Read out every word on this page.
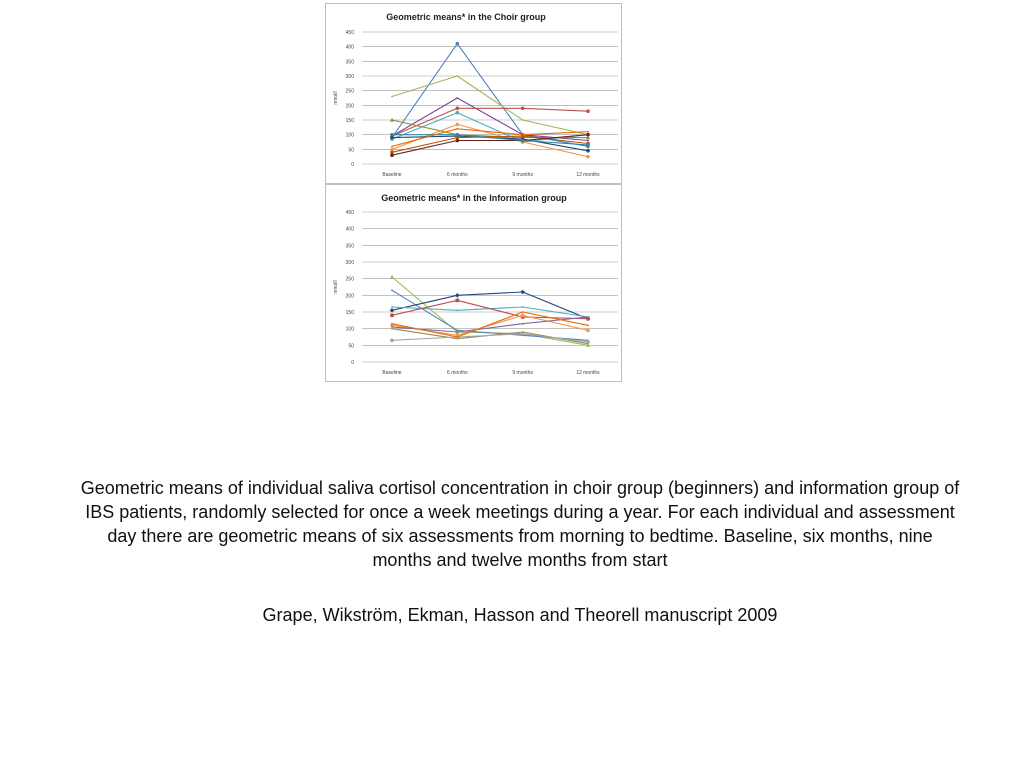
Geometric means* in the Choir group
0
50
100
150
200
250
300
350
400
450
nmol/l
Baseline	6 months	9 months	12 months
Geometric means* in the Information group
0
50
100
150
200
250
300
350
400
450
nmol/l
Baseline	6 months	9 months	12 months

Geometric means of individual saliva cortisol concentration in choir group (beginners) and information group of IBS patients, randomly selected for once a week meetings during a year. For each individual and assessment day there are geometric means of six assessments from morning to bedtime. Baseline, six months, nine months and twelve months from start

Grape, Wikström, Ekman, Hasson and Theorell manuscript 2009
